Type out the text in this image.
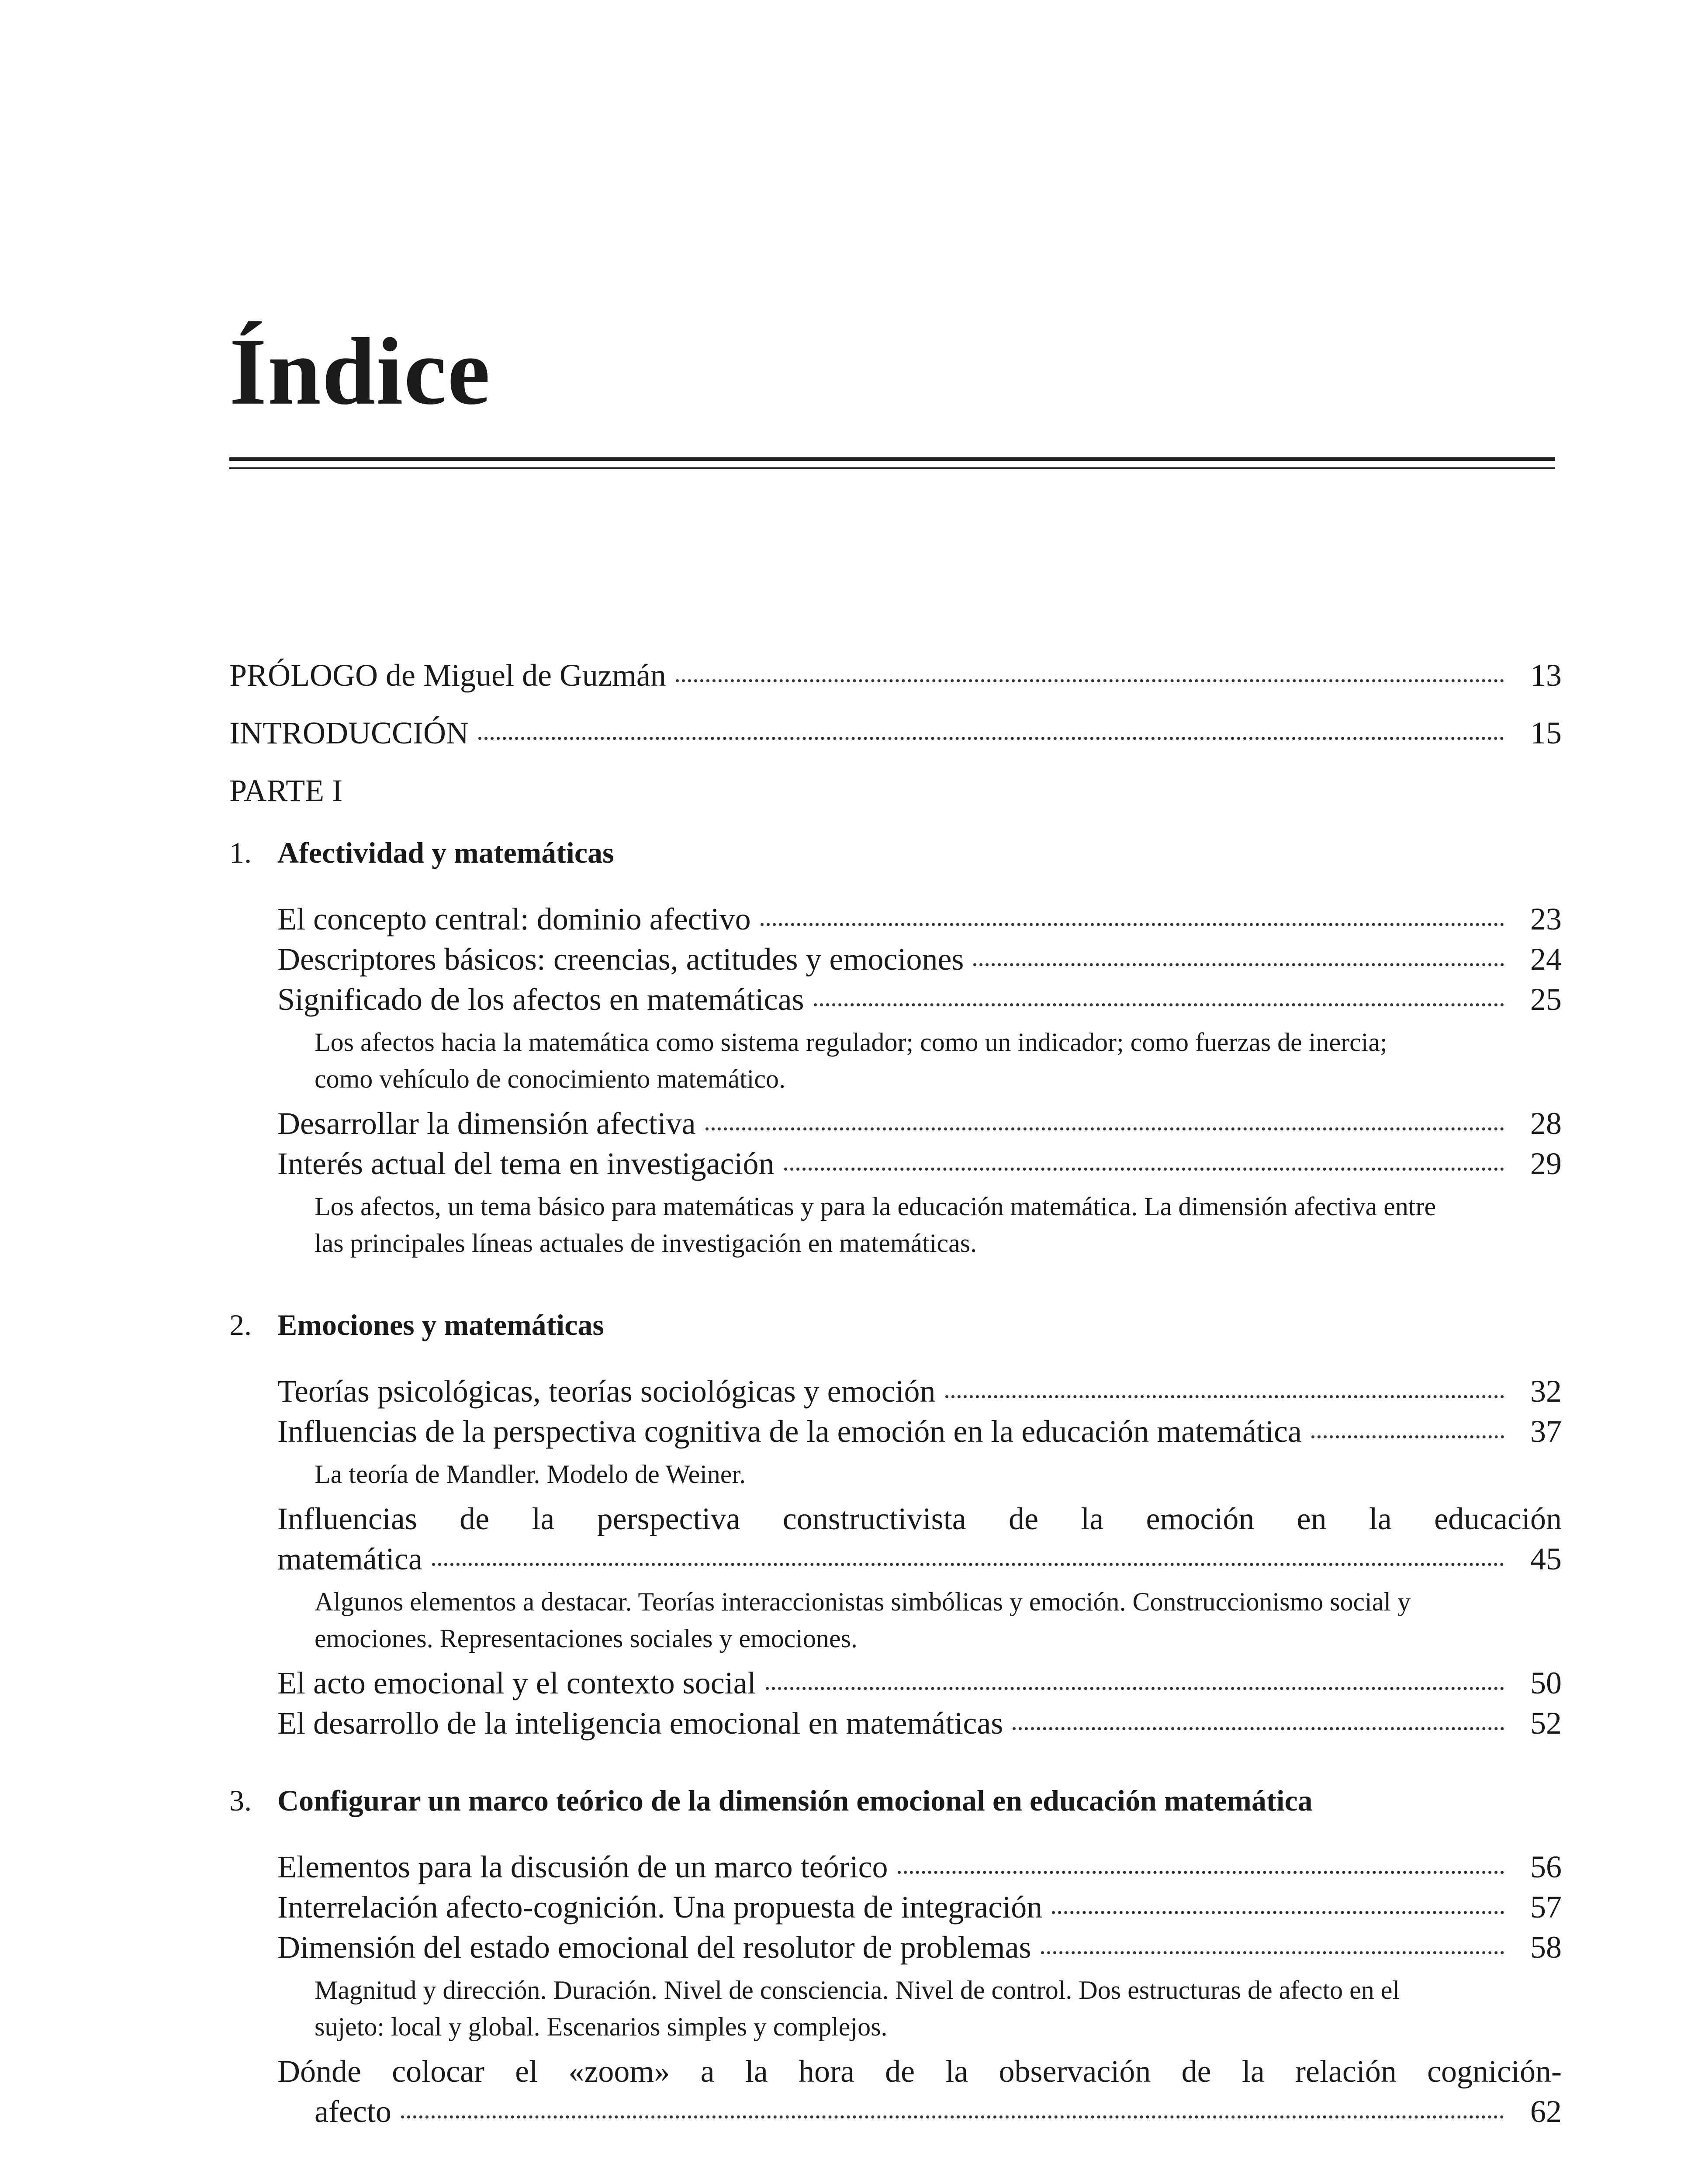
Índice
PRÓLOGO de Miguel de Guzmán	13
INTRODUCCIÓN	15
PARTE I
1. Afectividad y matemáticas
El concepto central: dominio afectivo	23
Descriptores básicos: creencias, actitudes y emociones	24
Significado de los afectos en matemáticas	25
Los afectos hacia la matemática como sistema regulador; como un indicador; como fuerzas de inercia; como vehículo de conocimiento matemático.
Desarrollar la dimensión afectiva	28
Interés actual del tema en investigación	29
Los afectos, un tema básico para matemáticas y para la educación matemática. La dimensión afectiva entre las principales líneas actuales de investigación en matemáticas.
2. Emociones y matemáticas
Teorías psicológicas, teorías sociológicas y emoción	32
Influencias de la perspectiva cognitiva de la emoción en la educación matemática	37
La teoría de Mandler. Modelo de Weiner.
Influencias de la perspectiva constructivista de la emoción en la educación
matemática	45
Algunos elementos a destacar. Teorías interaccionistas simbólicas y emoción. Construccionismo social y emociones. Representaciones sociales y emociones.
El acto emocional y el contexto social	50
El desarrollo de la inteligencia emocional en matemáticas	52
3. Configurar un marco teórico de la dimensión emocional en educación matemática
Elementos para la discusión de un marco teórico	56
Interrelación afecto-cognición. Una propuesta de integración	57
Dimensión del estado emocional del resolutor de problemas	58
Magnitud y dirección. Duración. Nivel de consciencia. Nivel de control. Dos estructuras de afecto en el sujeto: local y global. Escenarios simples y complejos.
Dónde colocar el «zoom» a la hora de la observación de la relación cognición-
afecto	62
